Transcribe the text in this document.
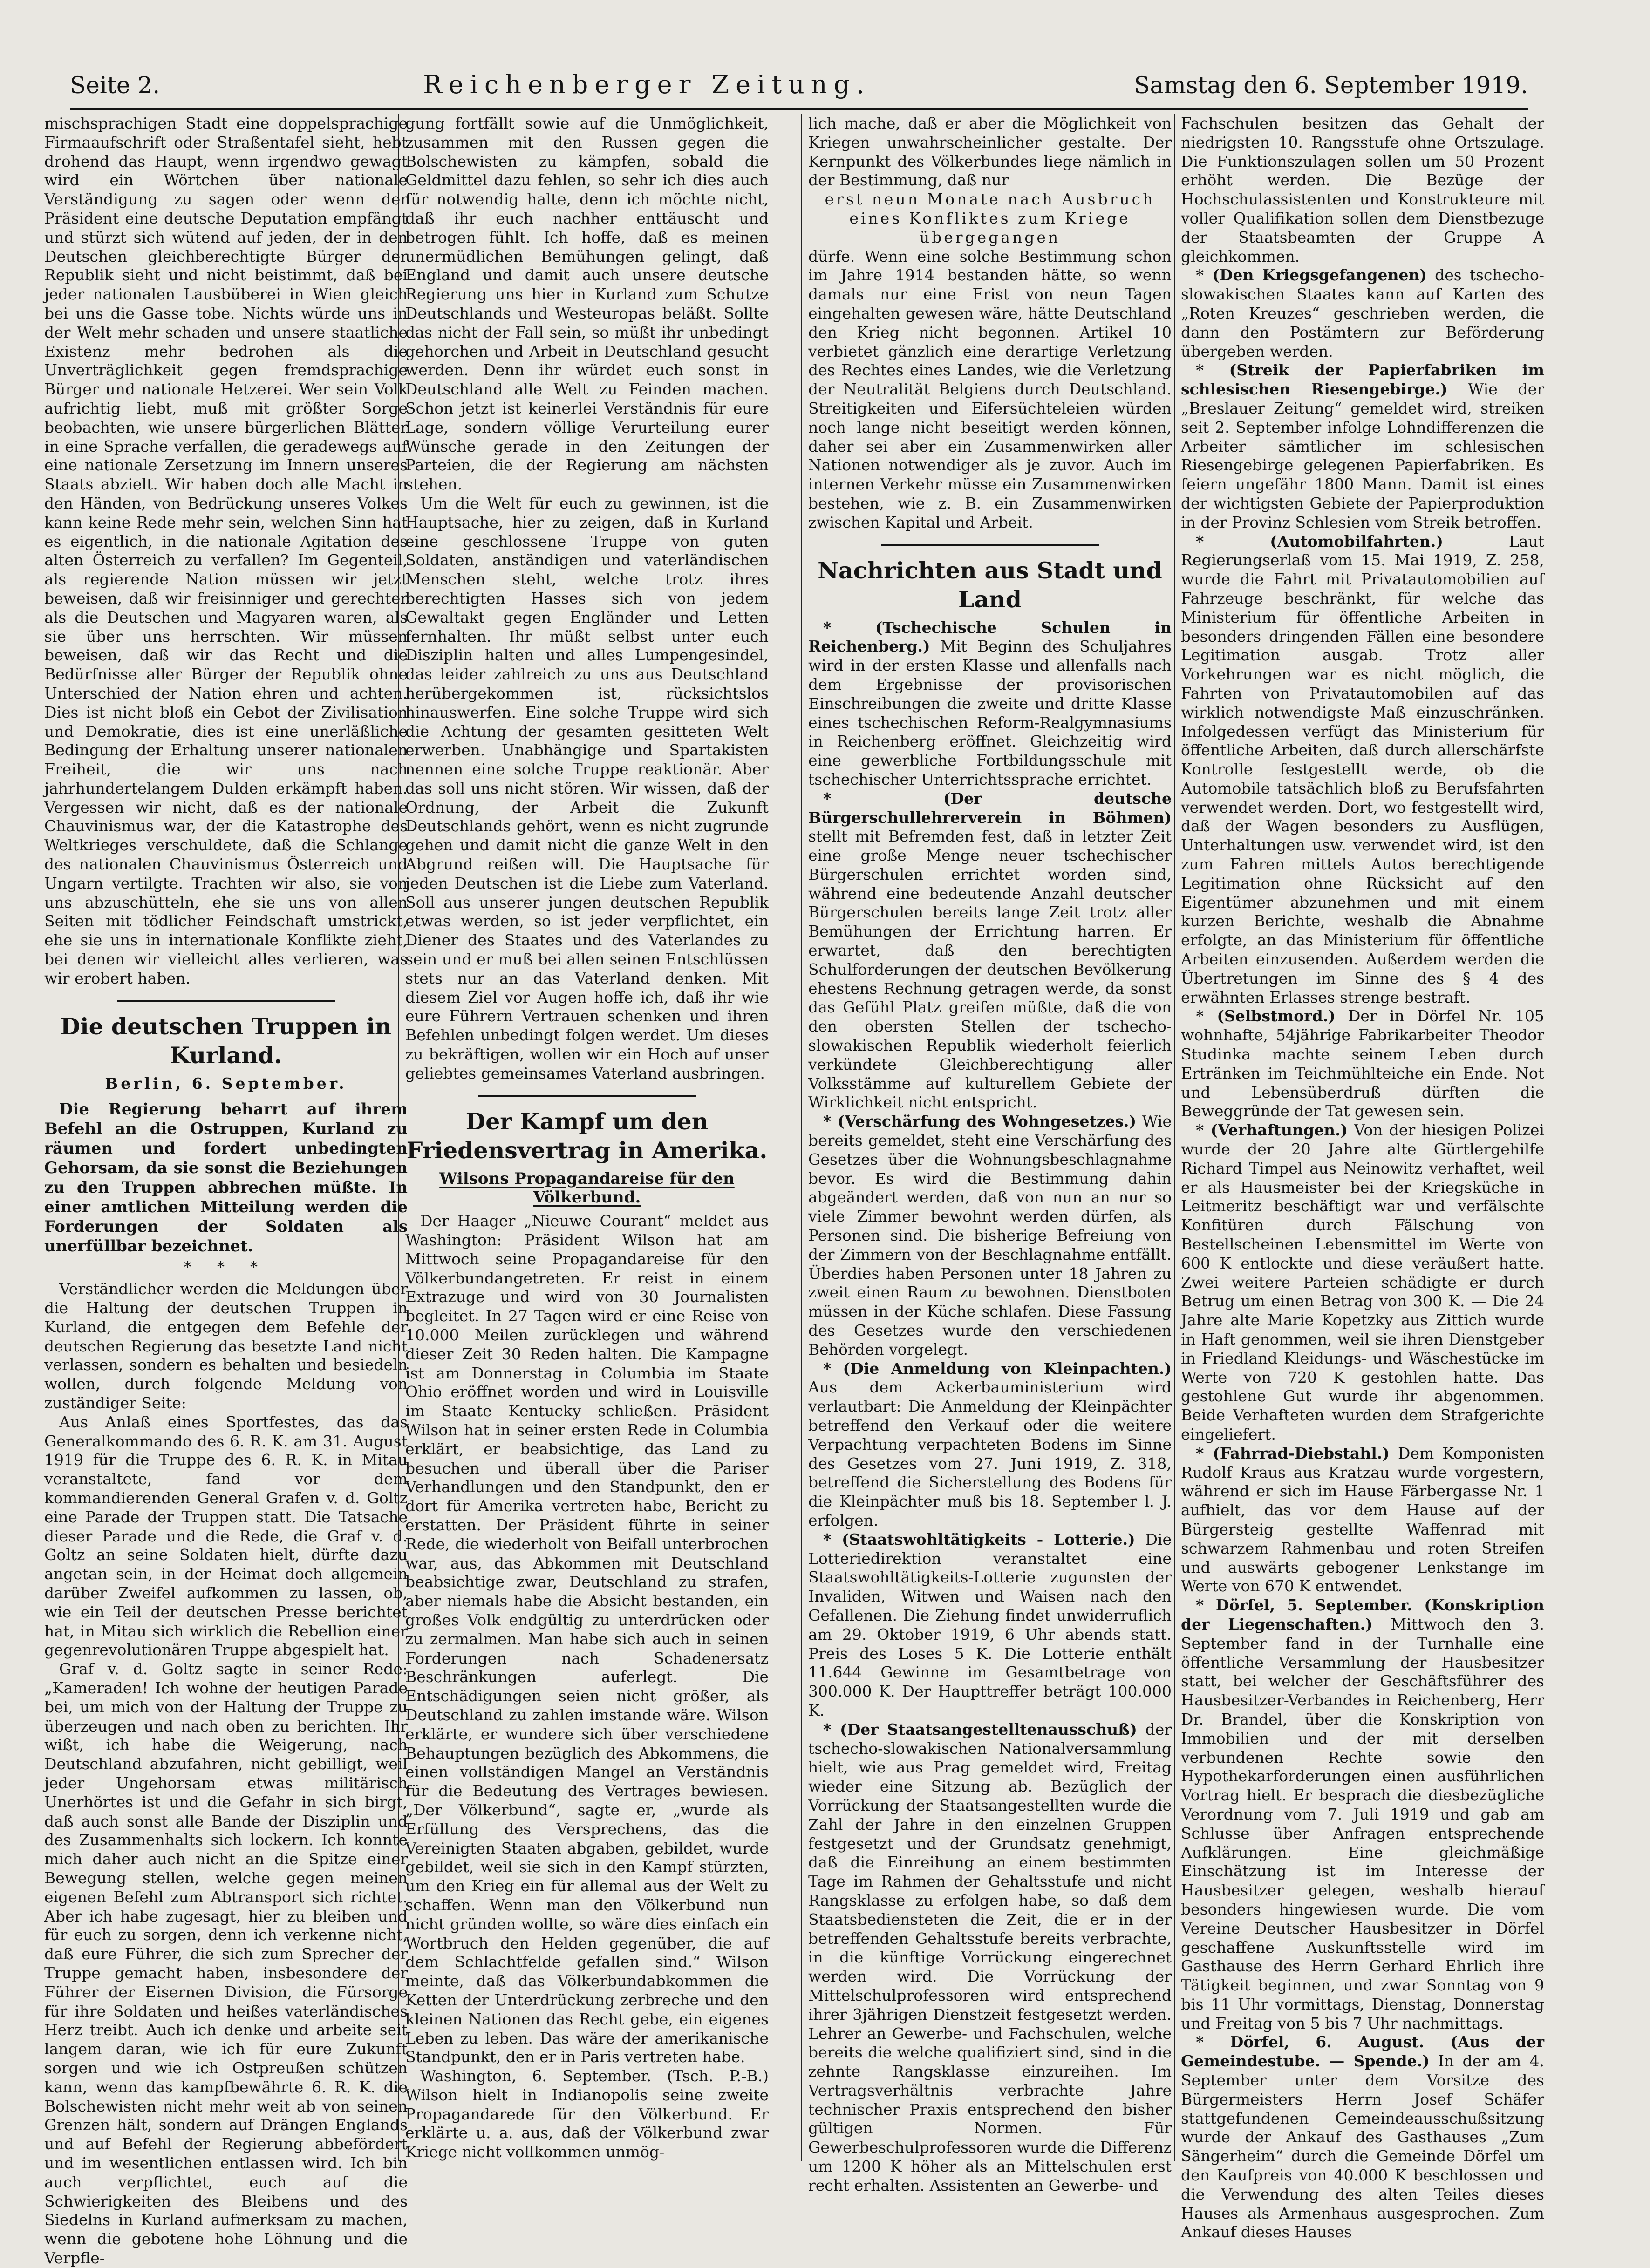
Seite 2.	Reichenberger Zeitung.	Samstag den 6. September 1919.

mischsprachigen Stadt eine doppelsprachige Firmaaufschrift oder Straßentafel sieht, hebt drohend das Haupt, wenn irgendwo gewagt wird ein Wörtchen über nationale Verständigung zu sagen oder wenn der Präsident eine deutsche Deputation empfängt und stürzt sich wütend auf jeden, der in den Deutschen gleichberechtigte Bürger der Republik sieht und nicht beistimmt, daß bei jeder nationalen Lausbüberei in Wien gleich bei uns die Gasse tobe. Nichts würde uns in der Welt mehr schaden und unsere staatliche Existenz mehr bedrohen als die Unverträglichkeit gegen fremdsprachige Bürger und nationale Hetzerei. Wer sein Volk aufrichtig liebt, muß mit größter Sorge beobachten, wie unsere bürgerlichen Blätter in eine Sprache verfallen, die geradewegs auf eine nationale Zersetzung im Innern unseres Staats abzielt. Wir haben doch alle Macht in den Händen, von Bedrückung unseres Volkes kann keine Rede mehr sein, welchen Sinn hat es eigentlich, in die nationale Agitation des alten Österreich zu verfallen? Im Gegenteil, als regierende Nation müssen wir jetzt beweisen, daß wir freisinniger und gerechter als die Deutschen und Magyaren waren, als sie über uns herrschten. Wir müssen beweisen, daß wir das Recht und die Bedürfnisse aller Bürger der Republik ohne Unterschied der Nation ehren und achten. Dies ist nicht bloß ein Gebot der Zivilisation und Demokratie, dies ist eine unerläßliche Bedingung der Erhaltung unserer nationalen Freiheit, die wir uns nach jahrhundertelangem Dulden erkämpft haben. Vergessen wir nicht, daß es der nationale Chauvinismus war, der die Katastrophe des Weltkrieges verschuldete, daß die Schlange des nationalen Chauvinismus Österreich und Ungarn vertilgte. Trachten wir also, sie von uns abzuschütteln, ehe sie uns von allen Seiten mit tödlicher Feindschaft umstrickt, ehe sie uns in internationale Konflikte zieht, bei denen wir vielleicht alles verlieren, was wir erobert haben.

Die deutschen Truppen in Kurland.
Berlin, 6. September.

Die Regierung beharrt auf ihrem Befehl an die Ostruppen, Kurland zu räumen und fordert unbedingten Gehorsam, da sie sonst die Beziehungen zu den Truppen abbrechen müßte. In einer amtlichen Mitteilung werden die Forderungen der Soldaten als unerfüllbar bezeichnet.

* * *

Verständlicher werden die Meldungen über die Haltung der deutschen Truppen in Kurland, die entgegen dem Befehle der deutschen Regierung das besetzte Land nicht verlassen, sondern es behalten und besiedeln wollen, durch folgende Meldung von zuständiger Seite:

Aus Anlaß eines Sportfestes, das das Generalkommando des 6. R. K. am 31. August 1919 für die Truppe des 6. R. K. in Mitau veranstaltete, fand vor dem kommandierenden General Grafen v. d. Goltz eine Parade der Truppen statt. Die Tatsache dieser Parade und die Rede, die Graf v. d. Goltz an seine Soldaten hielt, dürfte dazu angetan sein, in der Heimat doch allgemein darüber Zweifel aufkommen zu lassen, ob, wie ein Teil der deutschen Presse berichtet hat, in Mitau sich wirklich die Rebellion einer gegenrevolutionären Truppe abgespielt hat.

Graf v. d. Goltz sagte in seiner Rede: „Kameraden! Ich wohne der heutigen Parade bei, um mich von der Haltung der Truppe zu überzeugen und nach oben zu berichten. Ihr wißt, ich habe die Weigerung, nach Deutschland abzufahren, nicht gebilligt, weil jeder Ungehorsam etwas militärisch Unerhörtes ist und die Gefahr in sich birgt, daß auch sonst alle Bande der Disziplin und des Zusammenhalts sich lockern. Ich konnte mich daher auch nicht an die Spitze einer Bewegung stellen, welche gegen meinen eigenen Befehl zum Abtransport sich richtet. Aber ich habe zugesagt, hier zu bleiben und für euch zu sorgen, denn ich verkenne nicht, daß eure Führer, die sich zum Sprecher der Truppe gemacht haben, insbesondere der Führer der Eisernen Division, die Fürsorge für ihre Soldaten und heißes vaterländisches Herz treibt. Auch ich denke und arbeite seit langem daran, wie ich für eure Zukunft sorgen und wie ich Ostpreußen schützen kann, wenn das kampfbewährte 6. R. K. die Bolschewisten nicht mehr weit ab von seinen Grenzen hält, sondern auf Drängen Englands und auf Befehl der Regierung abbefördert und im wesentlichen entlassen wird. Ich bin auch verpflichtet, euch auf die Schwierigkeiten des Bleibens und des Siedelns in Kurland aufmerksam zu machen, wenn die gebotene hohe Löhnung und die Verpfle-

gung fortfällt sowie auf die Unmöglichkeit, zusammen mit den Russen gegen die Bolschewisten zu kämpfen, sobald die Geldmittel dazu fehlen, so sehr ich dies auch für notwendig halte, denn ich möchte nicht, daß ihr euch nachher enttäuscht und betrogen fühlt. Ich hoffe, daß es meinen unermüdlichen Bemühungen gelingt, daß England und damit auch unsere deutsche Regierung uns hier in Kurland zum Schutze Deutschlands und Westeuropas beläßt. Sollte das nicht der Fall sein, so müßt ihr unbedingt gehorchen und Arbeit in Deutschland gesucht werden. Denn ihr würdet euch sonst in Deutschland alle Welt zu Feinden machen. Schon jetzt ist keinerlei Verständnis für eure Lage, sondern völlige Verurteilung eurer Wünsche gerade in den Zeitungen der Parteien, die der Regierung am nächsten stehen.

Um die Welt für euch zu gewinnen, ist die Hauptsache, hier zu zeigen, daß in Kurland eine geschlossene Truppe von guten Soldaten, anständigen und vaterländischen Menschen steht, welche trotz ihres berechtigten Hasses sich von jedem Gewaltakt gegen Engländer und Letten fernhalten. Ihr müßt selbst unter euch Disziplin halten und alles Lumpengesindel, das leider zahlreich zu uns aus Deutschland herübergekommen ist, rücksichtslos hinauswerfen. Eine solche Truppe wird sich die Achtung der gesamten gesitteten Welt erwerben. Unabhängige und Spartakisten nennen eine solche Truppe reaktionär. Aber das soll uns nicht stören. Wir wissen, daß der Ordnung, der Arbeit die Zukunft Deutschlands gehört, wenn es nicht zugrunde gehen und damit nicht die ganze Welt in den Abgrund reißen will. Die Hauptsache für jeden Deutschen ist die Liebe zum Vaterland. Soll aus unserer jungen deutschen Republik etwas werden, so ist jeder verpflichtet, ein Diener des Staates und des Vaterlandes zu sein und er muß bei allen seinen Entschlüssen stets nur an das Vaterland denken. Mit diesem Ziel vor Augen hoffe ich, daß ihr wie eure Führern Vertrauen schenken und ihren Befehlen unbedingt folgen werdet. Um dieses zu bekräftigen, wollen wir ein Hoch auf unser geliebtes gemeinsames Vaterland ausbringen.

Der Kampf um den Friedensvertrag in Amerika.
Wilsons Propagandareise für den Völkerbund.

Der Haager „Nieuwe Courant“ meldet aus Washington: Präsident Wilson hat am Mittwoch seine Propagandareise für den Völkerbundangetreten. Er reist in einem Extrazuge und wird von 30 Journalisten begleitet. In 27 Tagen wird er eine Reise von 10.000 Meilen zurücklegen und während dieser Zeit 30 Reden halten. Die Kampagne ist am Donnerstag in Columbia im Staate Ohio eröffnet worden und wird in Louisville im Staate Kentucky schließen. Präsident Wilson hat in seiner ersten Rede in Columbia erklärt, er beabsichtige, das Land zu besuchen und überall über die Pariser Verhandlungen und den Standpunkt, den er dort für Amerika vertreten habe, Bericht zu erstatten. Der Präsident führte in seiner Rede, die wiederholt von Beifall unterbrochen war, aus, das Abkommen mit Deutschland beabsichtige zwar, Deutschland zu strafen, aber niemals habe die Absicht bestanden, ein großes Volk endgültig zu unterdrücken oder zu zermalmen. Man habe sich auch in seinen Forderungen nach Schadenersatz Beschränkungen auferlegt. Die Entschädigungen seien nicht größer, als Deutschland zu zahlen imstande wäre. Wilson erklärte, er wundere sich über verschiedene Behauptungen bezüglich des Abkommens, die einen vollständigen Mangel an Verständnis für die Bedeutung des Vertrages bewiesen. „Der Völkerbund“, sagte er, „wurde als Erfüllung des Versprechens, das die Vereinigten Staaten abgaben, gebildet, wurde gebildet, weil sie sich in den Kampf stürzten, um den Krieg ein für allemal aus der Welt zu schaffen. Wenn man den Völkerbund nun nicht gründen wollte, so wäre dies einfach ein Wortbruch den Helden gegenüber, die auf dem Schlachtfelde gefallen sind.“ Wilson meinte, daß das Völkerbundabkommen die Ketten der Unterdrückung zerbreche und den kleinen Nationen das Recht gebe, ein eigenes Leben zu leben. Das wäre der amerikanische Standpunkt, den er in Paris vertreten habe.

Washington, 6. September. (Tsch. P.-B.) Wilson hielt in Indianopolis seine zweite Propagandarede für den Völkerbund. Er erklärte u. a. aus, daß der Völkerbund zwar Kriege nicht vollkommen unmög-

lich mache, daß er aber die Möglichkeit von Kriegen unwahrscheinlicher gestalte. Der Kernpunkt des Völkerbundes liege nämlich in der Bestimmung, daß nur

erst neun Monate nach Ausbruch eines Konfliktes zum Kriege übergegangen

dürfe. Wenn eine solche Bestimmung schon im Jahre 1914 bestanden hätte, so wenn damals nur eine Frist von neun Tagen eingehalten gewesen wäre, hätte Deutschland den Krieg nicht begonnen. Artikel 10 verbietet gänzlich eine derartige Verletzung des Rechtes eines Landes, wie die Verletzung der Neutralität Belgiens durch Deutschland. Streitigkeiten und Eifersüchteleien würden noch lange nicht beseitigt werden können, daher sei aber ein Zusammenwirken aller Nationen notwendiger als je zuvor. Auch im internen Verkehr müsse ein Zusammenwirken bestehen, wie z. B. ein Zusammenwirken zwischen Kapital und Arbeit.

Nachrichten aus Stadt und Land

* (Tschechische Schulen in Reichenberg.) Mit Beginn des Schuljahres wird in der ersten Klasse und allenfalls nach dem Ergebnisse der provisorischen Einschreibungen die zweite und dritte Klasse eines tschechischen Reform-Realgymnasiums in Reichenberg eröffnet. Gleichzeitig wird eine gewerbliche Fortbildungsschule mit tschechischer Unterrichtssprache errichtet.

* (Der deutsche Bürgerschullehrerverein in Böhmen) stellt mit Befremden fest, daß in letzter Zeit eine große Menge neuer tschechischer Bürgerschulen errichtet worden sind, während eine bedeutende Anzahl deutscher Bürgerschulen bereits lange Zeit trotz aller Bemühungen der Errichtung harren. Er erwartet, daß den berechtigten Schulforderungen der deutschen Bevölkerung ehestens Rechnung getragen werde, da sonst das Gefühl Platz greifen müßte, daß die von den obersten Stellen der tschecho-slowakischen Republik wiederholt feierlich verkündete Gleichberechtigung aller Volksstämme auf kulturellem Gebiete der Wirklichkeit nicht entspricht.

* (Verschärfung des Wohngesetzes.) Wie bereits gemeldet, steht eine Verschärfung des Gesetzes über die Wohnungsbeschlagnahme bevor. Es wird die Bestimmung dahin abgeändert werden, daß von nun an nur so viele Zimmer bewohnt werden dürfen, als Personen sind. Die bisherige Befreiung von der Zimmern von der Beschlagnahme entfällt. Überdies haben Personen unter 18 Jahren zu zweit einen Raum zu bewohnen. Dienstboten müssen in der Küche schlafen. Diese Fassung des Gesetzes wurde den verschiedenen Behörden vorgelegt.

* (Die Anmeldung von Kleinpachten.) Aus dem Ackerbauministerium wird verlautbart: Die Anmeldung der Kleinpächter betreffend den Verkauf oder die weitere Verpachtung verpachteten Bodens im Sinne des Gesetzes vom 27. Juni 1919, Z. 318, betreffend die Sicherstellung des Bodens für die Kleinpächter muß bis 18. September l. J. erfolgen.

* (Staatswohltätigkeits - Lotterie.) Die Lotteriedirektion veranstaltet eine Staatswohltätigkeits-Lotterie zugunsten der Invaliden, Witwen und Waisen nach den Gefallenen. Die Ziehung findet unwiderruflich am 29. Oktober 1919, 6 Uhr abends statt. Preis des Loses 5 K. Die Lotterie enthält 11.644 Gewinne im Gesamtbetrage von 300.000 K. Der Haupttreffer beträgt 100.000 K.

* (Der Staatsangestelltenausschuß) der tschecho-slowakischen Nationalversammlung hielt, wie aus Prag gemeldet wird, Freitag wieder eine Sitzung ab. Bezüglich der Vorrückung der Staatsangestellten wurde die Zahl der Jahre in den einzelnen Gruppen festgesetzt und der Grundsatz genehmigt, daß die Einreihung an einem bestimmten Tage im Rahmen der Gehaltsstufe und nicht Rangsklasse zu erfolgen habe, so daß dem Staatsbediensteten die Zeit, die er in der betreffenden Gehaltsstufe bereits verbrachte, in die künftige Vorrückung eingerechnet werden wird. Die Vorrückung der Mittelschulprofessoren wird entsprechend ihrer 3jährigen Dienstzeit festgesetzt werden. Lehrer an Gewerbe- und Fachschulen, welche bereits die welche qualifiziert sind, sind in die zehnte Rangsklasse einzureihen. Im Vertragsverhältnis verbrachte Jahre technischer Praxis entsprechend den bisher gültigen Normen. Für Gewerbeschulprofessoren wurde die Differenz um 1200 K höher als an Mittelschulen erst recht erhalten. Assistenten an Gewerbe- und

Fachschulen besitzen das Gehalt der niedrigsten 10. Rangsstufe ohne Ortszulage. Die Funktionszulagen sollen um 50 Prozent erhöht werden. Die Bezüge der Hochschulassistenten und Konstrukteure mit voller Qualifikation sollen dem Dienstbezuge der Staatsbeamten der Gruppe A gleichkommen.

* (Den Kriegsgefangenen) des tschecho-slowakischen Staates kann auf Karten des „Roten Kreuzes“ geschrieben werden, die dann den Postämtern zur Beförderung übergeben werden.

* (Streik der Papierfabriken im schlesischen Riesengebirge.) Wie der „Breslauer Zeitung“ gemeldet wird, streiken seit 2. September infolge Lohndifferenzen die Arbeiter sämtlicher im schlesischen Riesengebirge gelegenen Papierfabriken. Es feiern ungefähr 1800 Mann. Damit ist eines der wichtigsten Gebiete der Papierproduktion in der Provinz Schlesien vom Streik betroffen.

* (Automobilfahrten.)	Laut Regierungserlaß vom 15. Mai 1919, Z. 258, wurde die Fahrt mit Privatautomobilien auf Fahrzeuge beschränkt, für welche das Ministerium für öffentliche Arbeiten in besonders dringenden Fällen eine besondere Legitimation ausgab. Trotz aller Vorkehrungen war es nicht möglich, die Fahrten von Privatautomobilen auf das wirklich notwendigste Maß einzuschränken. Infolgedessen verfügt das Ministerium für öffentliche Arbeiten, daß durch allerschärfste Kontrolle festgestellt werde, ob die Automobile tatsächlich bloß zu Berufsfahrten verwendet werden. Dort, wo festgestellt wird, daß der Wagen besonders zu Ausflügen, Unterhaltungen usw. verwendet wird, ist den zum Fahren mittels Autos berechtigende Legitimation ohne Rücksicht auf den Eigentümer abzunehmen und mit einem kurzen Berichte, weshalb die Abnahme erfolgte, an das Ministerium für öffentliche Arbeiten einzusenden. Außerdem werden die Übertretungen im Sinne des § 4 des erwähnten Erlasses strenge bestraft.

* (Selbstmord.) Der in Dörfel Nr. 105 wohnhafte, 54jährige Fabrikarbeiter Theodor Studinka machte seinem Leben durch Ertränken im Teichmühlteiche ein Ende. Not und Lebensüberdruß dürften die Beweggründe der Tat gewesen sein.

* (Verhaftungen.) Von der hiesigen Polizei wurde der 20 Jahre alte Gürtlergehilfe Richard Timpel aus Neinowitz verhaftet, weil er als Hausmeister bei der Kriegsküche in Leitmeritz beschäftigt war und verfälschte Konfitüren durch Fälschung von Bestellscheinen Lebensmittel im Werte von 600 K entlockte und diese veräußert hatte. Zwei weitere Parteien schädigte er durch Betrug um einen Betrag von 300 K. — Die 24 Jahre alte Marie Kopetzky aus Zittich wurde in Haft genommen, weil sie ihren Dienstgeber in Friedland Kleidungs- und Wäschestücke im Werte von 720 K gestohlen hatte. Das gestohlene Gut wurde ihr abgenommen. Beide Verhafteten wurden dem Strafgerichte eingeliefert.

* (Fahrrad-Diebstahl.) Dem Komponisten Rudolf Kraus aus Kratzau wurde vorgestern, während er sich im Hause Färbergasse Nr. 1 aufhielt, das vor dem Hause auf der Bürgersteig gestellte Waffenrad mit schwarzem Rahmenbau und roten Streifen und auswärts gebogener Lenkstange im Werte von 670 K entwendet.

* Dörfel, 5. September. (Konskription der Liegenschaften.) Mittwoch den 3. September fand in der Turnhalle eine öffentliche Versammlung der Hausbesitzer statt, bei welcher der Geschäftsführer des Hausbesitzer-Verbandes in Reichenberg, Herr Dr. Brandel, über die Konskription von Immobilien und der mit derselben verbundenen Rechte sowie den Hypothekarforderungen einen ausführlichen Vortrag hielt. Er besprach die diesbezügliche Verordnung vom 7. Juli 1919 und gab am Schlusse über Anfragen entsprechende Aufklärungen. Eine gleichmäßige Einschätzung ist im Interesse der Hausbesitzer gelegen, weshalb hierauf besonders hingewiesen wurde. Die vom Vereine Deutscher Hausbesitzer in Dörfel geschaffene Auskunftsstelle wird im Gasthause des Herrn Gerhard Ehrlich ihre Tätigkeit beginnen, und zwar Sonntag von 9 bis 11 Uhr vormittags, Dienstag, Donnerstag und Freitag von 5 bis 7 Uhr nachmittags.

* Dörfel, 6. August. (Aus der Gemeindestube. — Spende.) In der am 4. September unter dem Vorsitze des Bürgermeisters Herrn Josef Schäfer stattgefundenen Gemeindeausschußsitzung wurde der Ankauf des Gasthauses „Zum Sängerheim“ durch die Gemeinde Dörfel um den Kaufpreis von 40.000 K beschlossen und die Verwendung des alten Teiles dieses Hauses als Armenhaus ausgesprochen. Zum Ankauf dieses Hauses
